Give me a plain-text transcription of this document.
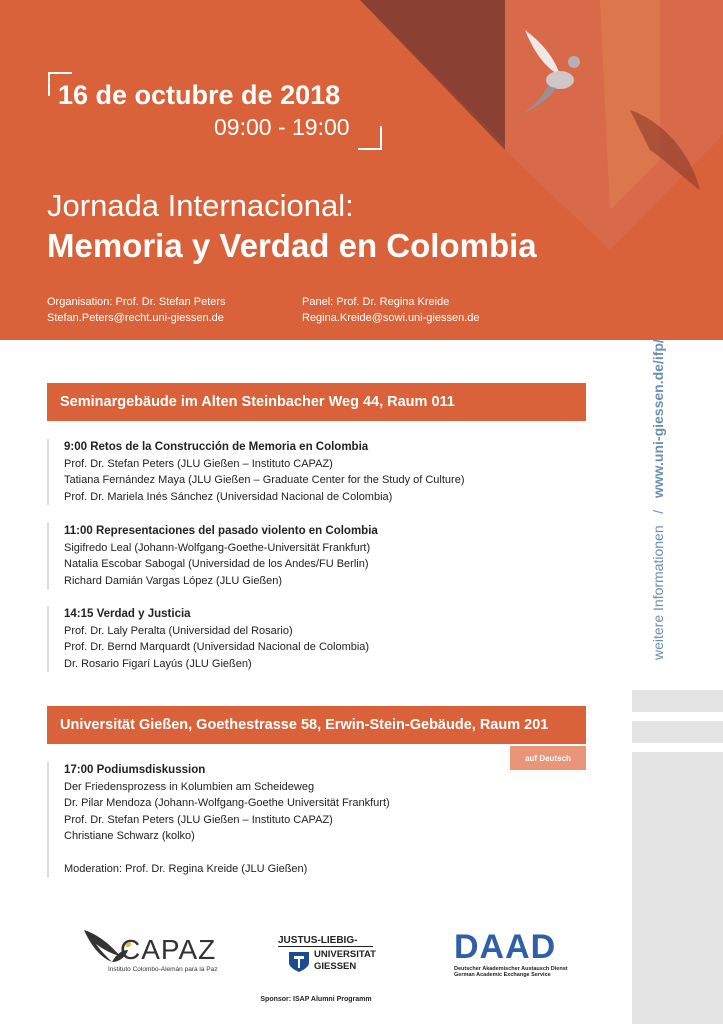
16 de octubre de 2018
09:00 - 19:00
Jornada Internacional:
Memoria y Verdad en Colombia
Organisation: Prof. Dr. Stefan Peters
Stefan.Peters@recht.uni-giessen.de
Panel: Prof. Dr. Regina Kreide
Regina.Kreide@sowi.uni-giessen.de
weitere Informationen   /   www.uni-giessen.de/ifp/
Seminargebäude im Alten Steinbacher Weg 44, Raum 011
9:00 Retos de la Construcción de Memoria en Colombia
Prof. Dr. Stefan Peters (JLU Gießen – Instituto CAPAZ)
Tatiana Fernández Maya (JLU Gießen – Graduate Center for the Study of Culture)
Prof. Dr. Mariela Inés Sánchez (Universidad Nacional de Colombia)
11:00 Representaciones del pasado violento en Colombia
Sigifredo Leal (Johann-Wolfgang-Goethe-Universität Frankfurt)
Natalia Escobar Sabogal (Universidad de los Andes/FU Berlin)
Richard Damián Vargas López (JLU Gießen)
14:15 Verdad y Justicia
Prof. Dr. Laly Peralta (Universidad del Rosario)
Prof. Dr. Bernd Marquardt (Universidad Nacional de Colombia)
Dr. Rosario Figarí Layús (JLU Gießen)
Universität Gießen, Goethestrasse 58, Erwin-Stein-Gebäude, Raum 201
auf Deutsch
17:00 Podiumsdiskussion
Der Friedensprozess in Kolumbien am Scheideweg
Dr. Pilar Mendoza (Johann-Wolfgang-Goethe Universität Frankfurt)
Prof. Dr. Stefan Peters (JLU Gießen – Instituto CAPAZ)
Christiane Schwarz (kolko)
Moderation: Prof. Dr. Regina Kreide (JLU Gießen)
CAPAZ
Instituto Colombo-Alemán para la Paz
JUSTUS-LIEBIG-
UNIVERSITAT
GIESSEN
DAAD
Deutscher Akademischer Austausch Dienst
German Academic Exchange Service
Sponsor: ISAP Alumni Programm
